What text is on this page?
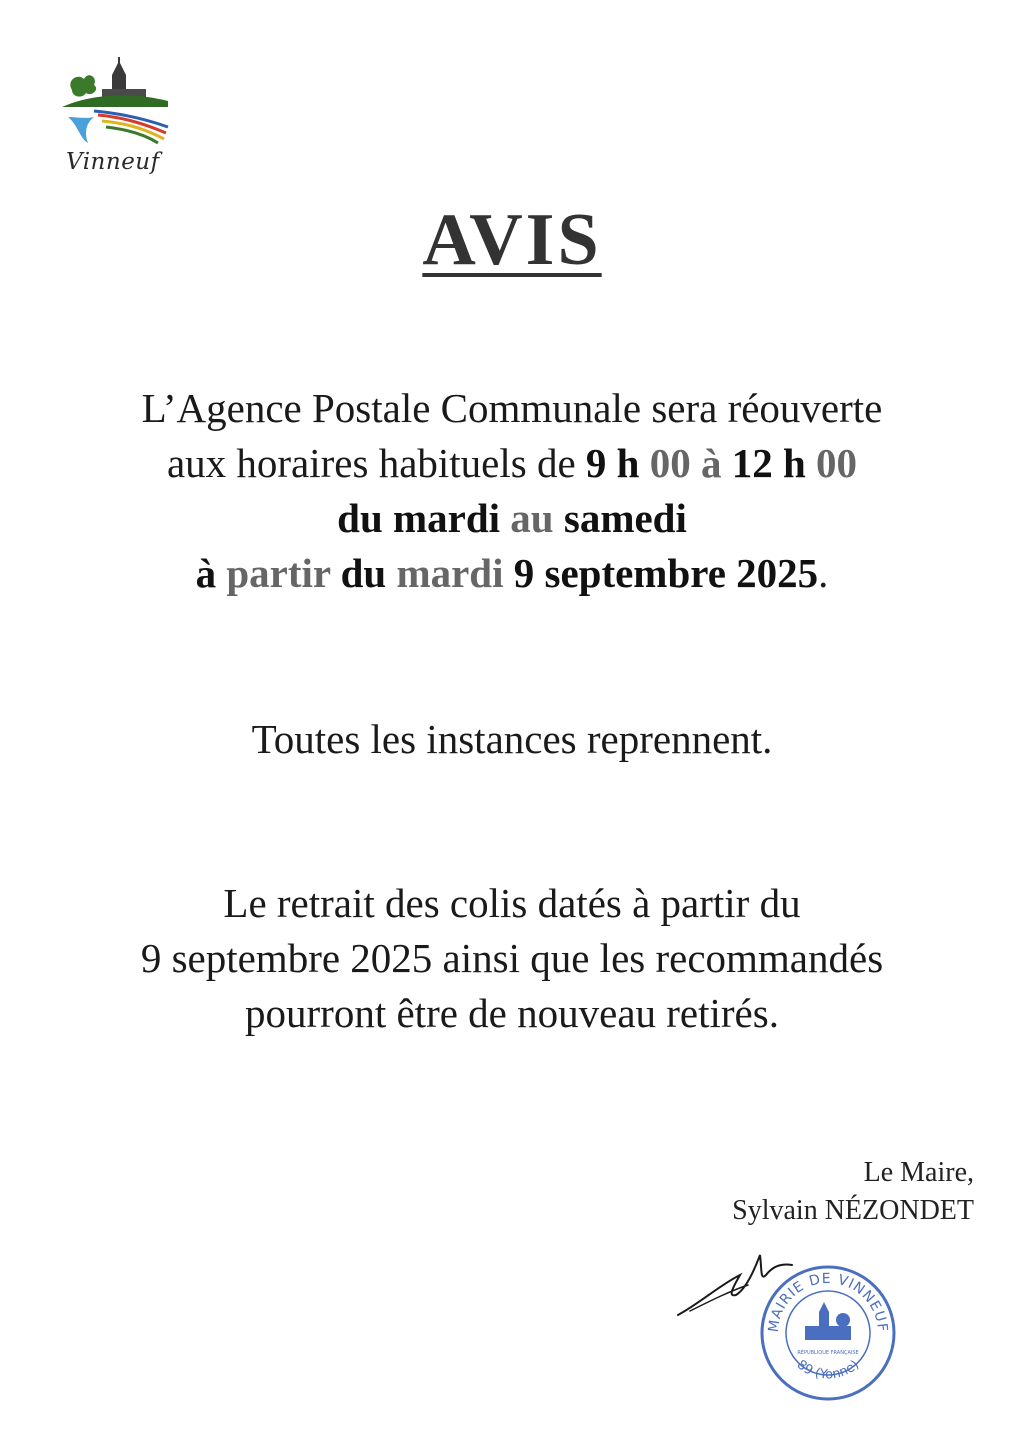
Vinneuf
AVIS
L’Agence Postale Communale sera réouverte
aux horaires habituels de 9 h 00 à 12 h 00
du mardi au samedi
à partir du mardi 9 septembre 2025.
Toutes les instances reprennent.
Le retrait des colis datés à partir du
9 septembre 2025 ainsi que les recommandés
pourront être de nouveau retirés.
Le Maire,
Sylvain NÉZONDET
MAIRIE DE VINNEUF
89 (Yonne)
RÉPUBLIQUE FRANÇAISE
